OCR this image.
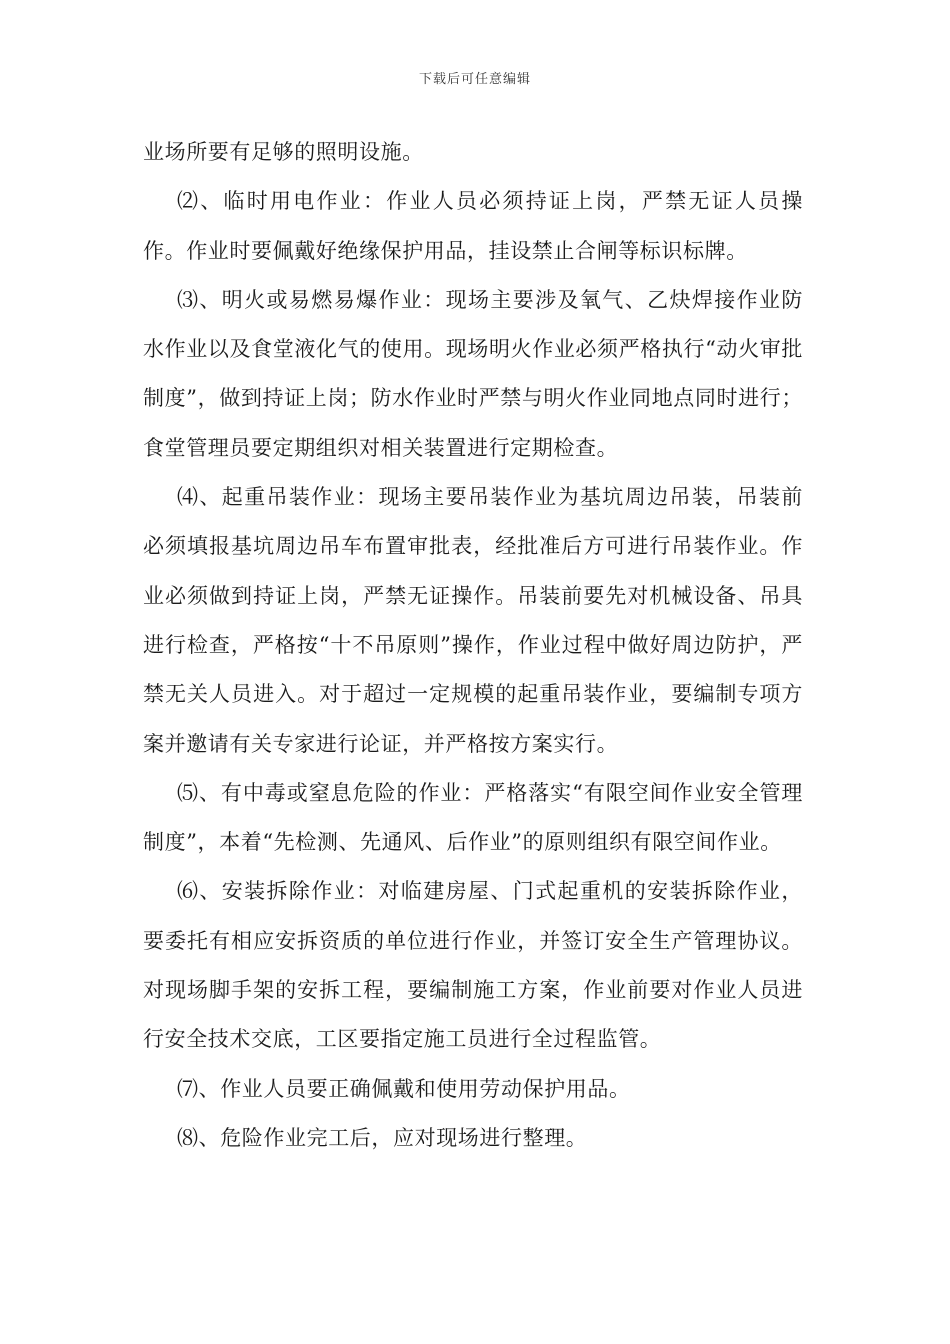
下载后可任意编辑

业场所要有足够的照明设施。

⑵、临时用电作业：作业人员必须持证上岗，严禁无证人员操作。作业时要佩戴好绝缘保护用品，挂设禁止合闸等标识标牌。

⑶、明火或易燃易爆作业：现场主要涉及氧气、乙炔焊接作业防水作业以及食堂液化气的使用。现场明火作业必须严格执行“动火审批制度”，做到持证上岗；防水作业时严禁与明火作业同地点同时进行；食堂管理员要定期组织对相关装置进行定期检查。

⑷、起重吊装作业：现场主要吊装作业为基坑周边吊装，吊装前必须填报基坑周边吊车布置审批表，经批准后方可进行吊装作业。作业必须做到持证上岗，严禁无证操作。吊装前要先对机械设备、吊具进行检查，严格按“十不吊原则”操作，作业过程中做好周边防护，严禁无关人员进入。对于超过一定规模的起重吊装作业，要编制专项方案并邀请有关专家进行论证，并严格按方案实行。

⑸、有中毒或窒息危险的作业：严格落实“有限空间作业安全管理制度”，本着“先检测、先通风、后作业”的原则组织有限空间作业。

⑹、安装拆除作业：对临建房屋、门式起重机的安装拆除作业，要委托有相应安拆资质的单位进行作业，并签订安全生产管理协议。对现场脚手架的安拆工程，要编制施工方案，作业前要对作业人员进行安全技术交底，工区要指定施工员进行全过程监管。

⑺、作业人员要正确佩戴和使用劳动保护用品。

⑻、危险作业完工后，应对现场进行整理。
